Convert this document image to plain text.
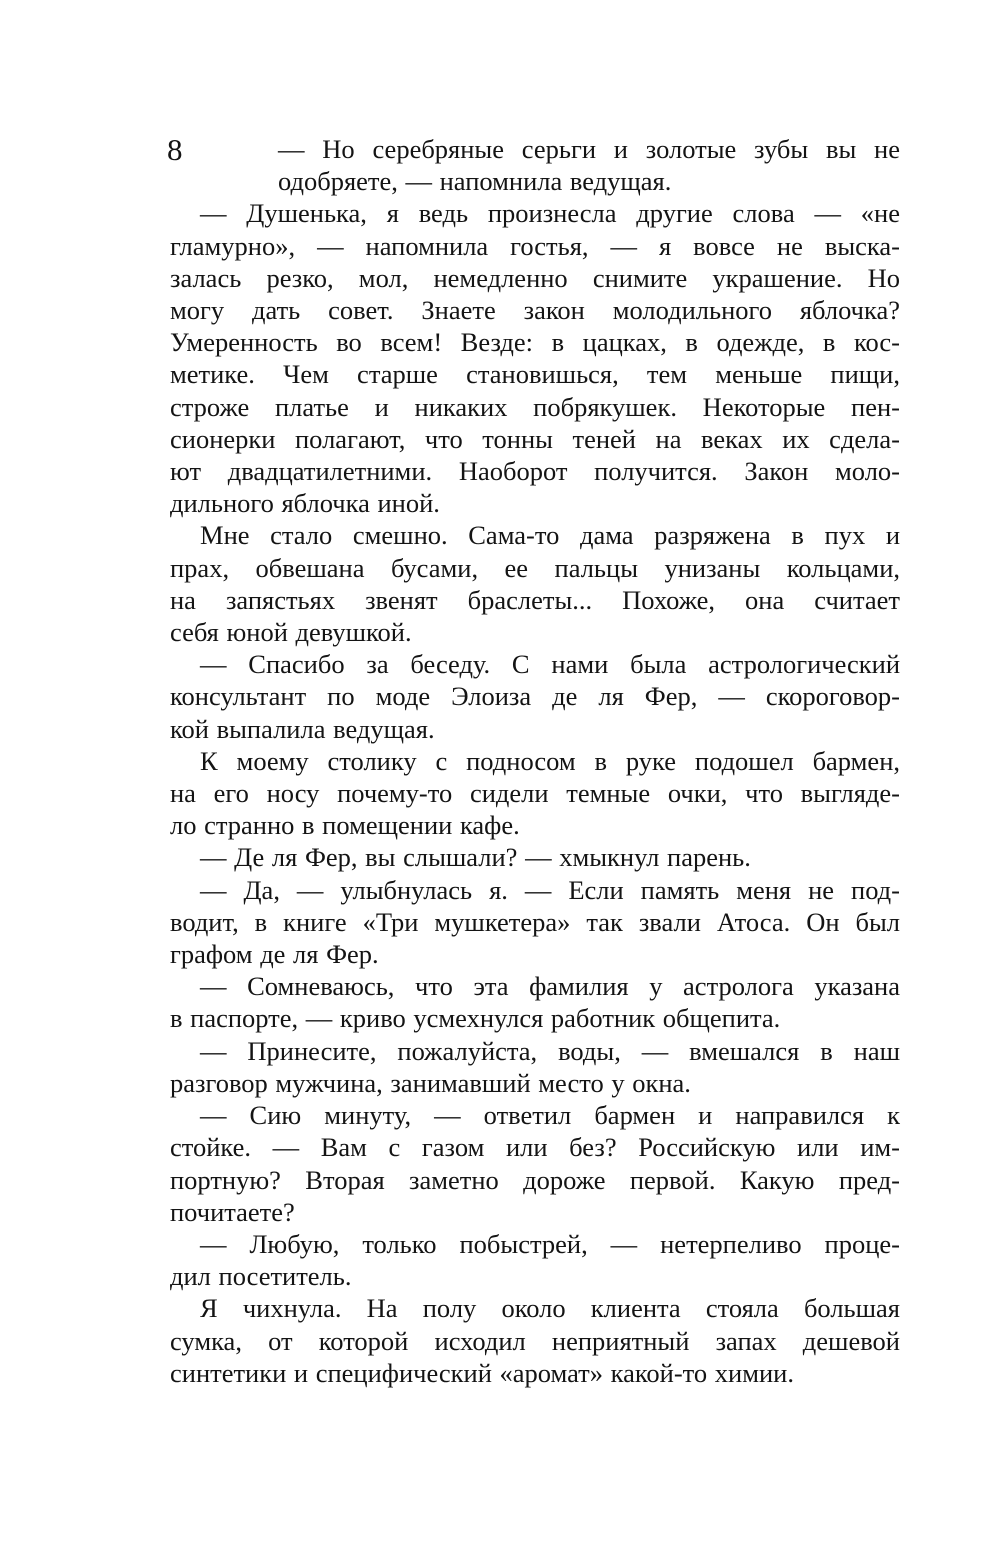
8	— Но серебряные серьги и золотые зубы вы не
одобряете, — напомнила ведущая.
— Душенька, я ведь произнесла другие слова — «не
гламурно», — напомнила гостья, — я вовсе не выска-
залась резко, мол, немедленно снимите украшение. Но
могу дать совет. Знаете закон молодильного яблочка?
Умеренность во всем! Везде: в цацках, в одежде, в кос-
метике. Чем старше становишься, тем меньше пищи,
строже платье и никаких побрякушек. Некоторые пен-
сионерки полагают, что тонны теней на веках их сдела-
ют двадцатилетними. Наоборот получится. Закон моло-
дильного яблочка иной.
Мне стало смешно. Сама-то дама разряжена в пух и
прах, обвешана бусами, ее пальцы унизаны кольцами,
на запястьях звенят браслеты... Похоже, она считает
себя юной девушкой.
— Спасибо за беседу. С нами была астрологический
консультант по моде Элоиза де ля Фер, — скороговор-
кой выпалила ведущая.
К моему столику с подносом в руке подошел бармен,
на его носу почему-то сидели темные очки, что выгляде-
ло странно в помещении кафе.
— Де ля Фер, вы слышали? — хмыкнул парень.
— Да, — улыбнулась я. — Если память меня не под-
водит, в книге «Три мушкетера» так звали Атоса. Он был
графом де ля Фер.
— Сомневаюсь, что эта фамилия у астролога указана
в паспорте, — криво усмехнулся работник общепита.
— Принесите, пожалуйста, воды, — вмешался в наш
разговор мужчина, занимавший место у окна.
— Сию минуту, — ответил бармен и направился к
стойке. — Вам с газом или без? Российскую или им-
портную? Вторая заметно дороже первой. Какую пред-
почитаете?
— Любую, только побыстрей, — нетерпеливо проце-
дил посетитель.
Я чихнула. На полу около клиента стояла большая
сумка, от которой исходил неприятный запах дешевой
синтетики и специфический «аромат» какой-то химии.
